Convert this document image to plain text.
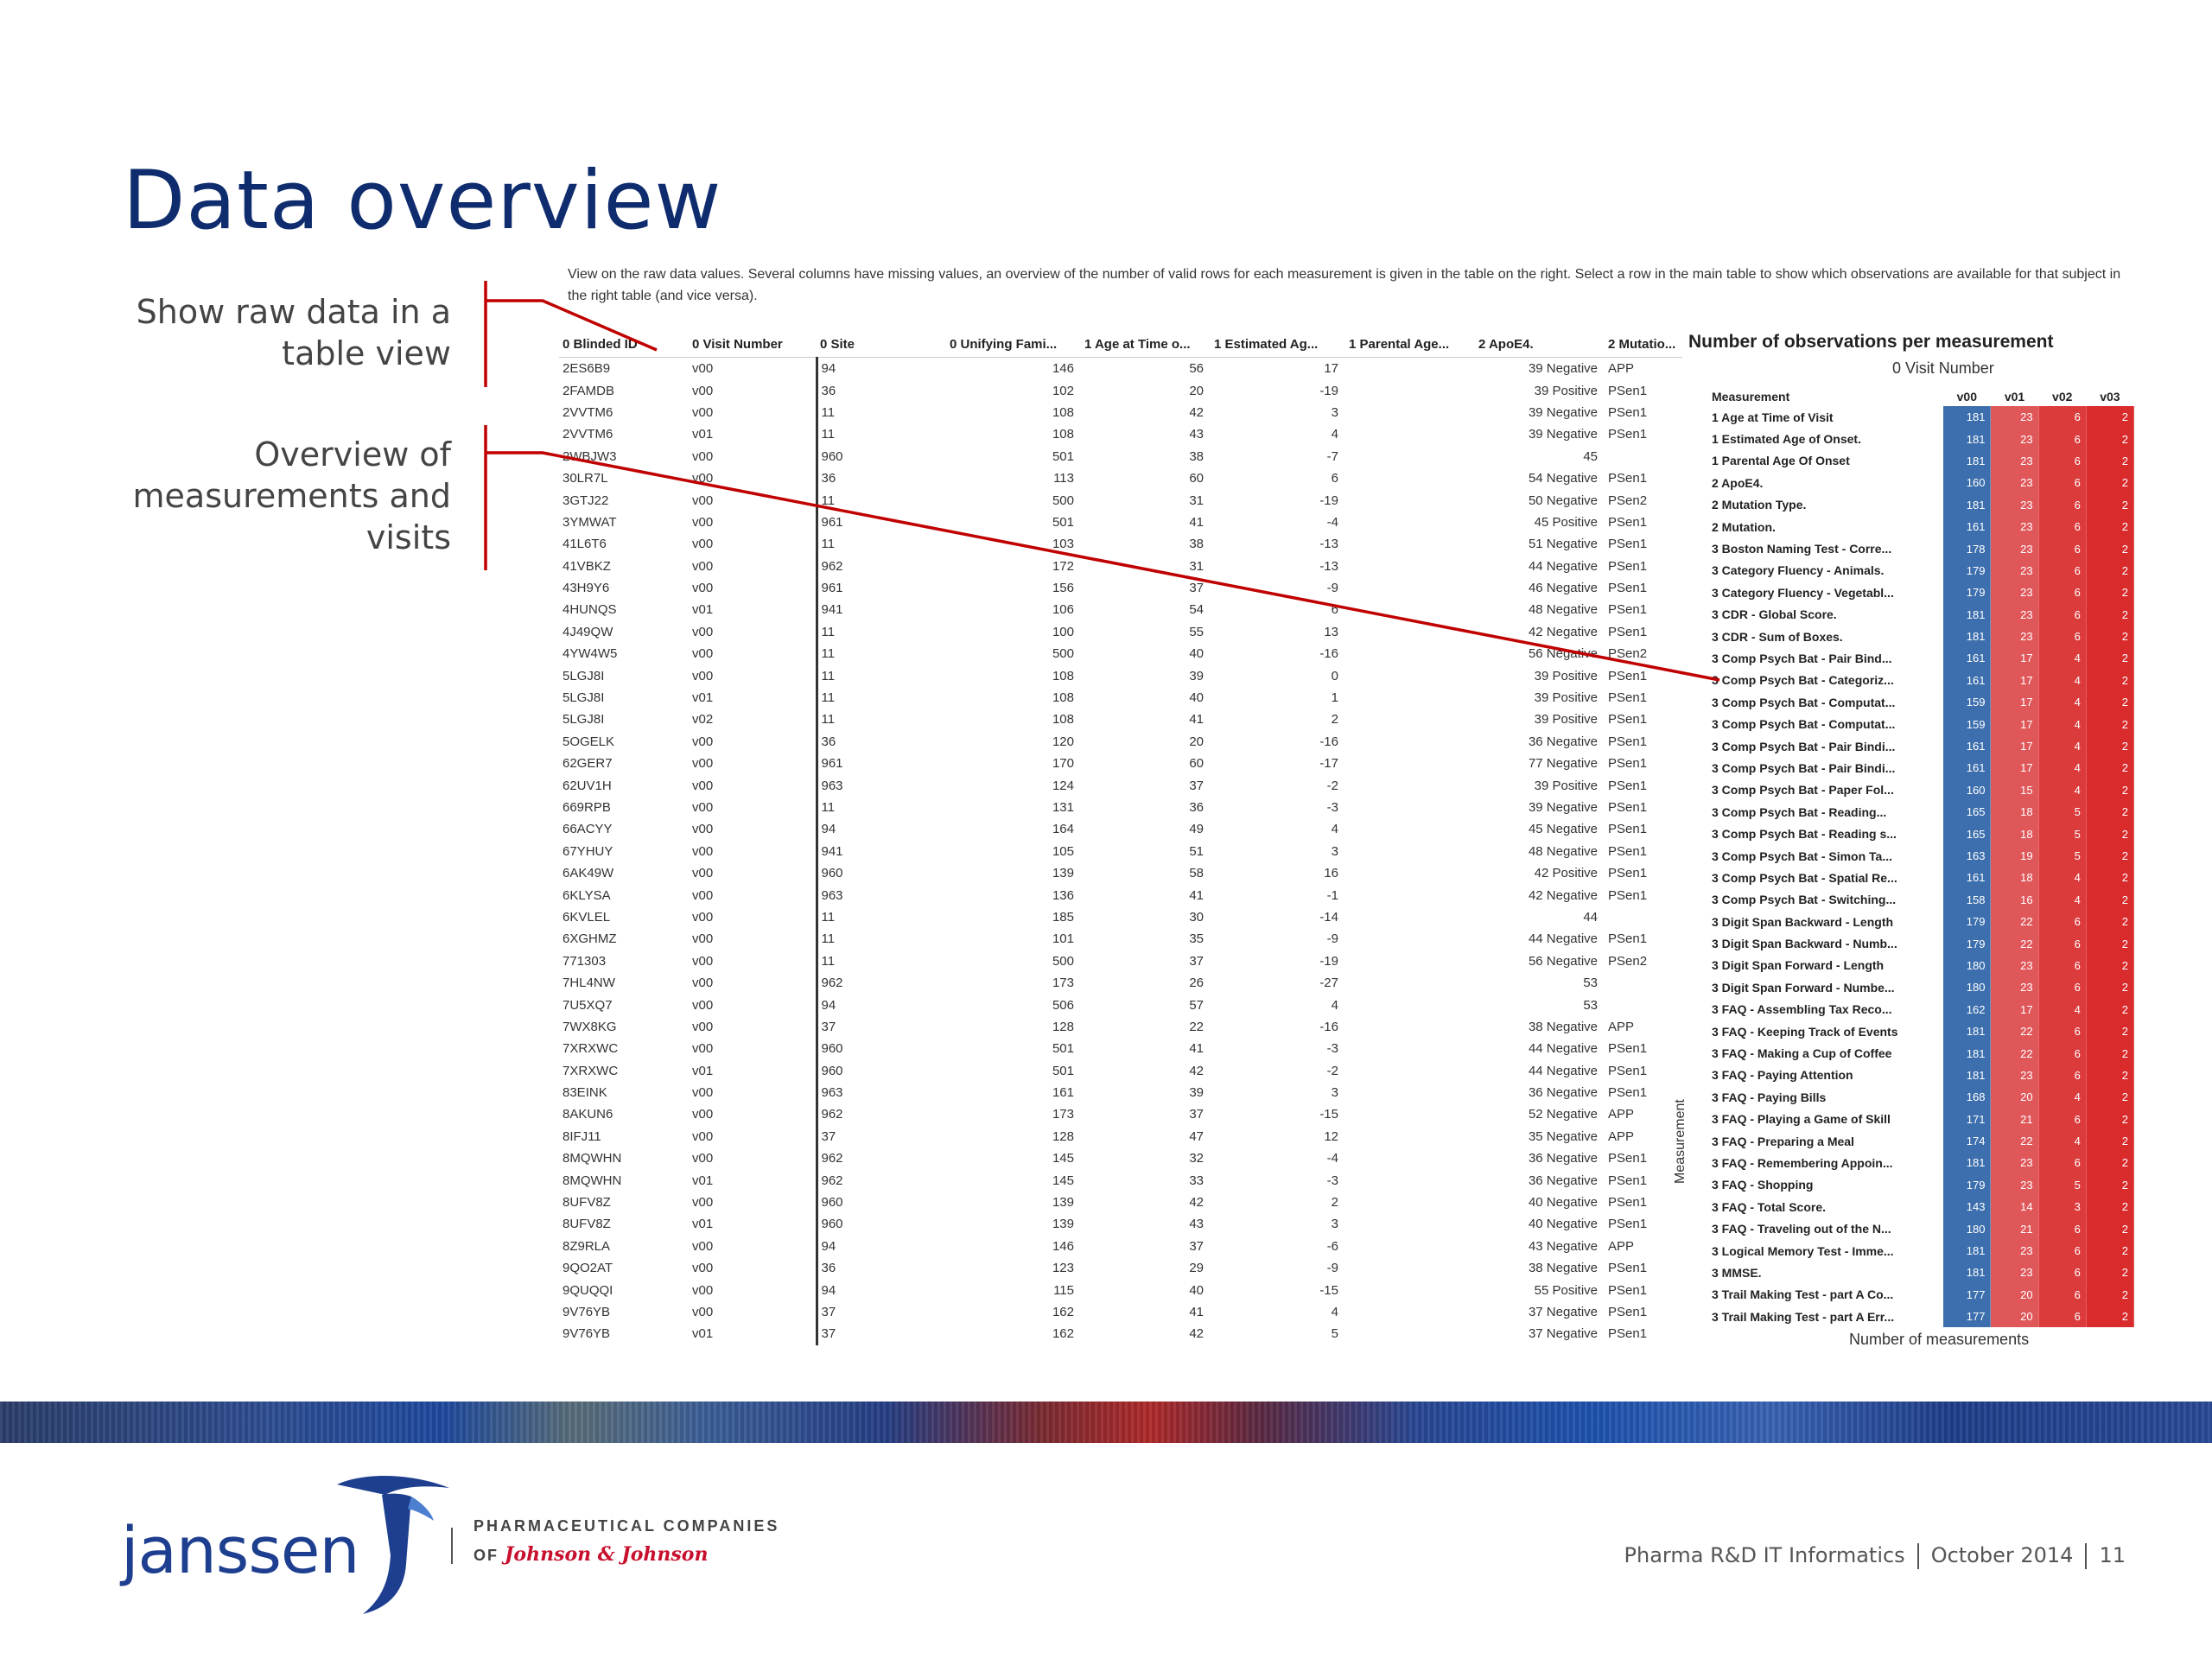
Data overview
Show raw data in a table view
Overview of measurements and visits
View on the raw data values. Several columns have missing values, an overview of the number of valid rows for each measurement is given in the table on the right. Select a row in the main table to show which observations are available for that subject in the right table (and vice versa).
0 Blinded ID	0 Visit Number	0 Site	0 Unifying Fami...	1 Age at Time o...	1 Estimated Ag...	1 Parental Age...	2 ApoE4.	2 Mutatio...
2ES6B9	v00	94	146	56	17	39 Negative		APP
2FAMDB	v00	36	102	20	-19	39 Positive		PSen1
2VVTM6	v00	11	108	42	3	39 Negative		PSen1
2VVTM6	v01	11	108	43	4	39 Negative		PSen1
2WBJW3	v00	960	501	38	-7	45		
30LR7L	v00	36	113	60	6	54 Negative		PSen1
3GTJ22	v00	11	500	31	-19	50 Negative		PSen2
3YMWAT	v00	961	501	41	-4	45 Positive		PSen1
41L6T6	v00	11	103	38	-13	51 Negative		PSen1
41VBKZ	v00	962	172	31	-13	44 Negative		PSen1
43H9Y6	v00	961	156	37	-9	46 Negative		PSen1
4HUNQS	v01	941	106	54	6	48 Negative		PSen1
4J49QW	v00	11	100	55	13	42 Negative		PSen1
4YW4W5	v00	11	500	40	-16	56 Negative		PSen2
5LGJ8I	v00	11	108	39	0	39 Positive		PSen1
5LGJ8I	v01	11	108	40	1	39 Positive		PSen1
5LGJ8I	v02	11	108	41	2	39 Positive		PSen1
5OGELK	v00	36	120	20	-16	36 Negative		PSen1
62GER7	v00	961	170	60	-17	77 Negative		PSen1
62UV1H	v00	963	124	37	-2	39 Positive		PSen1
669RPB	v00	11	131	36	-3	39 Negative		PSen1
66ACYY	v00	94	164	49	4	45 Negative		PSen1
67YHUY	v00	941	105	51	3	48 Negative		PSen1
6AK49W	v00	960	139	58	16	42 Positive		PSen1
6KLYSA	v00	963	136	41	-1	42 Negative		PSen1
6KVLEL	v00	11	185	30	-14	44		
6XGHMZ	v00	11	101	35	-9	44 Negative		PSen1
771303	v00	11	500	37	-19	56 Negative		PSen2
7HL4NW	v00	962	173	26	-27	53		
7U5XQ7	v00	94	506	57	4	53		
7WX8KG	v00	37	128	22	-16	38 Negative		APP
7XRXWC	v00	960	501	41	-3	44 Negative		PSen1
7XRXWC	v01	960	501	42	-2	44 Negative		PSen1
83EINK	v00	963	161	39	3	36 Negative		PSen1
8AKUN6	v00	962	173	37	-15	52 Negative		APP
8IFJ11	v00	37	128	47	12	35 Negative		APP
8MQWHN	v00	962	145	32	-4	36 Negative		PSen1
8MQWHN	v01	962	145	33	-3	36 Negative		PSen1
8UFV8Z	v00	960	139	42	2	40 Negative		PSen1
8UFV8Z	v01	960	139	43	3	40 Negative		PSen1
8Z9RLA	v00	94	146	37	-6	43 Negative		APP
9QO2AT	v00	36	123	29	-9	38 Negative		PSen1
9QUQQI	v00	94	115	40	-15	55 Positive		PSen1
9V76YB	v00	37	162	41	4	37 Negative		PSen1
9V76YB	v01	37	162	42	5	37 Negative		PSen1
Number of observations per measurement
0 Visit Number
Measurement
Measurement	v00	v01	v02	v03
1 Age at Time of Visit	181	23	6	2
1 Estimated Age of Onset.	181	23	6	2
1 Parental Age Of Onset	181	23	6	2
2 ApoE4.	160	23	6	2
2 Mutation Type.	181	23	6	2
2 Mutation.	161	23	6	2
3 Boston Naming Test - Corre...	178	23	6	2
3 Category Fluency - Animals.	179	23	6	2
3 Category Fluency - Vegetabl...	179	23	6	2
3 CDR - Global Score.	181	23	6	2
3 CDR - Sum of Boxes.	181	23	6	2
3 Comp Psych Bat - Pair Bind...	161	17	4	2
3 Comp Psych Bat - Categoriz...	161	17	4	2
3 Comp Psych Bat - Computat...	159	17	4	2
3 Comp Psych Bat - Computat...	159	17	4	2
3 Comp Psych Bat - Pair Bindi...	161	17	4	2
3 Comp Psych Bat - Pair Bindi...	161	17	4	2
3 Comp Psych Bat - Paper Fol...	160	15	4	2
3 Comp Psych Bat - Reading...	165	18	5	2
3 Comp Psych Bat - Reading s...	165	18	5	2
3 Comp Psych Bat - Simon Ta...	163	19	5	2
3 Comp Psych Bat - Spatial Re...	161	18	4	2
3 Comp Psych Bat - Switching...	158	16	4	2
3 Digit Span Backward - Length	179	22	6	2
3 Digit Span Backward - Numb...	179	22	6	2
3 Digit Span Forward - Length	180	23	6	2
3 Digit Span Forward - Numbe...	180	23	6	2
3 FAQ - Assembling Tax Reco...	162	17	4	2
3 FAQ - Keeping Track of Events	181	22	6	2
3 FAQ - Making a Cup of Coffee	181	22	6	2
3 FAQ - Paying Attention	181	23	6	2
3 FAQ - Paying Bills	168	20	4	2
3 FAQ - Playing a Game of Skill	171	21	6	2
3 FAQ - Preparing a Meal	174	22	4	2
3 FAQ - Remembering Appoin...	181	23	6	2
3 FAQ - Shopping	179	23	5	2
3 FAQ - Total Score.	143	14	3	2
3 FAQ - Traveling out of the N...	180	21	6	2
3 Logical Memory Test - Imme...	181	23	6	2
3 MMSE.	181	23	6	2
3 Trail Making Test - part A Co...	177	20	6	2
3 Trail Making Test - part A Err...	177	20	6	2
Number of measurements
janssen	PHARMACEUTICAL COMPANIES
OF Johnson & Johnson	Pharma R&D IT Informatics October 2014 11
